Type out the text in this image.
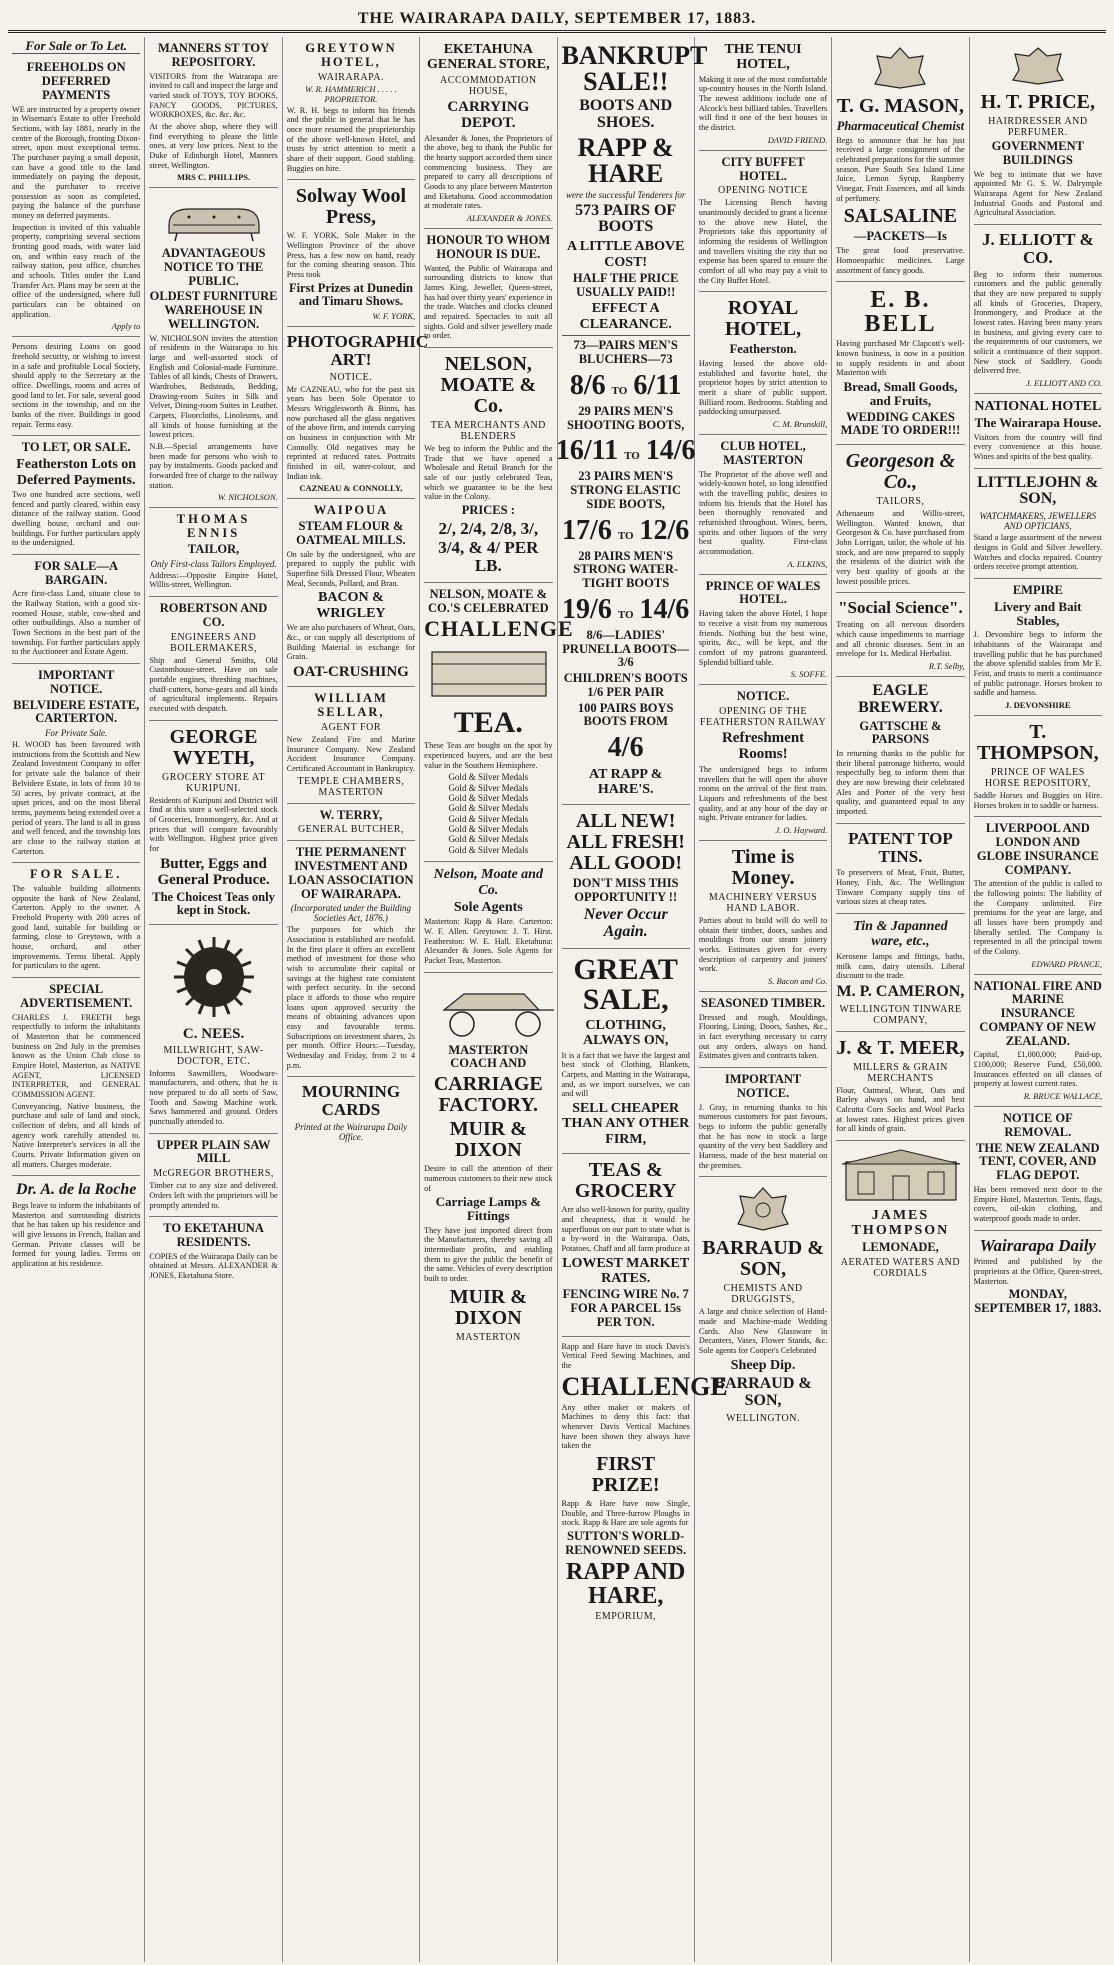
THE WAIRARAPA DAILY, SEPTEMBER 17, 1883.
For Sale or To Let.
FREEHOLDS ON DEFERRED PAYMENTS

WE are instructed by a property owner in Wiseman's Estate to offer Freehold Sections, with lay 1881, nearly in the centre of the Borough, fronting Dixon-street, upon most exceptional terms. The purchaser paying a small deposit, can have a good title to the land immediately on paying the deposit, and the purchaser to receive possession as soon as completed, paying the balance of the purchase money on deferred payments.

Inspection is invited of this valuable property, comprising several sections fronting good roads, with water laid on, and within easy reach of the railway station, post office, churches and schools. Titles under the Land Transfer Act. Plans may be seen at the office of the undersigned, where full particulars can be obtained on application.

Apply to

Persons desiring Loans on good freehold security, or wishing to invest in a safe and profitable Local Society, should apply to the Secretary at the office. Dwellings, rooms and acres of good land to let. For sale, several good sections in the township, and on the banks of the river. Buildings in good repair. Terms easy.

TO LET, OR SALE.
Featherston Lots on Deferred Payments.

Two one hundred acre sections, well fenced and partly cleared, within easy distance of the railway station. Good dwelling house, orchard and out-buildings. For further particulars apply to the undersigned.

FOR SALE—A BARGAIN.

Acre first-class Land, situate close to the Railway Station, with a good six-roomed House, stable, cow-shed and other outbuildings. Also a number of Town Sections in the best part of the township. For further particulars apply to the Auctioneer and Estate Agent.

IMPORTANT NOTICE.
BELVIDERE ESTATE, CARTERTON.
For Private Sale.

H. WOOD has been favoured with instructions from the Scottish and New Zealand Investment Company to offer for private sale the balance of their Belvidere Estate, in lots of from 10 to 50 acres, by private contract, at the upset prices, and on the most liberal terms, payments being extended over a period of years. The land is all in grass and well fenced, and the township lots are close to the railway station at Carterton.

FOR SALE.

The valuable building allotments opposite the bank of New Zealand, Carterton. Apply to the owner. A Freehold Property with 200 acres of good land, suitable for building or farming, close to Greytown, with a house, orchard, and other improvements. Terms liberal. Apply for particulars to the agent.

SPECIAL ADVERTISEMENT.

CHARLES J. FREETH begs respectfully to inform the inhabitants of Masterton that he commenced business on 2nd July in the premises known as the Union Club close to Empire Hotel, Masterton, as NATIVE AGENT, LICENSED INTERPRETER, and GENERAL COMMISSION AGENT.

Conveyancing, Native business, the purchase and sale of land and stock, collection of debts, and all kinds of agency work carefully attended to. Native Interpreter's services in all the Courts. Private Information given on all matters. Charges moderate.

Dr. A. de la Roche

Begs leave to inform the inhabitants of Masterton and surrounding districts that he has taken up his residence and will give lessons in French, Italian and German. Private classes will be formed for young ladies. Terms on application at his residence.

MANNERS ST TOY REPOSITORY.

VISITORS from the Wairarapa are invited to call and inspect the large and varied stock of TOYS, TOY BOOKS, FANCY GOODS, PICTURES, WORKBOXES, &c. &c. &c.

At the above shop, where they will find everything to please the little ones, at very low prices. Next to the Duke of Edinburgh Hotel, Manners street, Wellington.

MRS C. PHILLIPS.

ADVANTAGEOUS NOTICE TO THE PUBLIC.
OLDEST FURNITURE WAREHOUSE IN WELLINGTON.

W. NICHOLSON invites the attention of residents in the Wairarapa to his large and well-assorted stock of English and Colonial-made Furniture. Tables of all kinds, Chests of Drawers, Wardrobes, Bedsteads, Bedding, Drawing-room Suites in Silk and Velvet, Dining-room Suites in Leather. Carpets, Floorcloths, Linoleums, and all kinds of house furnishing at the lowest prices.

N.B.—Special arrangements have been made for persons who wish to pay by instalments. Goods packed and forwarded free of charge to the railway station.

W. NICHOLSON.

THOMAS ENNIS
TAILOR,
Only First-class Tailors Employed.

Address:—Opposite Empire Hotel, Willis-street, Wellington.

ROBERTSON AND CO.
ENGINEERS AND BOILERMAKERS,

Ship and General Smiths, Old Customhouse-street. Have on sale portable engines, threshing machines, chaff-cutters, horse-gears and all kinds of agricultural implements. Repairs executed with despatch.

GEORGE WYETH,
GROCERY STORE AT KURIPUNI.

Residents of Kuripuni and District will find at this store a well-selected stock of Groceries, Ironmongery, &c. And at prices that will compare favourably with Wellington. Highest price given for

Butter, Eggs and General Produce.
The Choicest Teas only kept in Stock.
C. NEES.
MILLWRIGHT, SAW-DOCTOR, ETC.

Informs Sawmillers, Woodware-manufacturers, and others, that he is now prepared to do all sorts of Saw, Tooth and Sawing Machine work. Saws hammered and ground. Orders punctually attended to.

UPPER PLAIN SAW MILL
McGREGOR BROTHERS,

Timber cut to any size and delivered. Orders left with the proprietors will be promptly attended to.

TO EKETAHUNA RESIDENTS.

COPIES of the Wairarapa Daily can be obtained at Messrs. ALEXANDER & JONES, Eketahuna Store.

GREYTOWN HOTEL,
WAIRARAPA.

W. R. HAMMERICH . . . . . PROPRIETOR.

W. R. H. begs to inform his friends and the public in general that he has once more resumed the proprietorship of the above well-known Hotel, and trusts by strict attention to merit a share of their support. Good stabling. Buggies on hire.

Solway Wool Press,

W. F. YORK, Sole Maker in the Wellington Province of the above Press, has a few now on hand, ready for the coming shearing season. This Press took

First Prizes at Dunedin and Timaru Shows.

W. F. YORK,

PHOTOGRAPHIC ART!
NOTICE.

Mr CAZNEAU, who for the past six years has been Sole Operator to Messrs Wrigglesworth & Binns, has now purchased all the glass negatives of the above firm, and intends carrying on business in conjunction with Mr Connolly. Old negatives may be reprinted at reduced rates. Portraits finished in oil, water-colour, and Indian ink.

CAZNEAU & CONNOLLY,

WAIPOUA
STEAM FLOUR & OATMEAL MILLS.

On sale by the undersigned, who are prepared to supply the public with Superfine Silk Dressed Flour, Wheaten Meal, Seconds, Pollard, and Bran.

BACON & WRIGLEY

We are also purchasers of Wheat, Oats, &c., or can supply all descriptions of Building Material in exchange for Grain.

OAT-CRUSHING
WILLIAM SELLAR,
AGENT FOR

New Zealand Fire and Marine Insurance Company. New Zealand Accident Insurance Company. Certificated Accountant in Bankruptcy.

TEMPLE CHAMBERS, MASTERTON
W. TERRY,
GENERAL BUTCHER,
THE PERMANENT INVESTMENT AND LOAN ASSOCIATION OF WAIRARAPA.
(Incorporated under the Building Societies Act, 1876.)

The purposes for which the Association is established are twofold. In the first place it offers an excellent method of investment for those who wish to accumulate their capital or savings at the highest rate consistent with perfect security. In the second place it affords to those who require loans upon approved security the means of obtaining advances upon easy and favourable terms. Subscriptions on investment shares, 2s per month. Office Hours:—Tuesday, Wednesday and Friday, from 2 to 4 p.m.

MOURNING CARDS
Printed at the Wairarapa Daily Office.
EKETAHUNA GENERAL STORE,
ACCOMMODATION HOUSE,
CARRYING DEPOT.

Alexander & Jones, the Proprietors of the above, beg to thank the Public for the hearty support accorded them since commencing business. They are prepared to carry all descriptions of Goods to any place between Masterton and Eketahuna. Good accommodation at moderate rates.

ALEXANDER & JONES.

HONOUR TO WHOM HONOUR IS DUE.

Wanted, the Public of Wairarapa and surrounding districts to know that James King, Jeweller, Queen-street, has had over thirty years' experience in the trade. Watches and clocks cleaned and repaired. Spectacles to suit all sights. Gold and silver jewellery made to order.

NELSON, MOATE & Co.
TEA MERCHANTS AND BLENDERS

We beg to inform the Public and the Trade that we have opened a Wholesale and Retail Branch for the sale of our justly celebrated Teas, which we guarantee to be the best value in the Colony.

PRICES :
2/, 2/4, 2/8, 3/, 3/4, & 4/ PER LB.
NELSON, MOATE & CO.'S CELEBRATED
CHALLENGE
TEA.

These Teas are bought on the spot by experienced buyers, and are the best value in the Southern Hemisphere.

Gold & Silver Medals
Gold & Silver Medals
Gold & Silver Medals
Gold & Silver Medals
Gold & Silver Medals
Gold & Silver Medals
Gold & Silver Medals
Gold & Silver Medals
Nelson, Moate and Co.
Sole Agents

Masterton: Rapp & Hare. Carterton: W. F. Allen. Greytown: J. T. Hirst. Featherston: W. E. Hall. Eketahuna: Alexander & Jones. Sole Agents for Packet Teas, Masterton.

MASTERTON COACH AND
CARRIAGE FACTORY.
MUIR & DIXON

Desire to call the attention of their numerous customers to their new stock of

Carriage Lamps & Fittings

They have just imported direct from the Manufacturers, thereby saving all intermediate profits, and enabling them to give the public the benefit of the same. Vehicles of every description built to order.

MUIR & DIXON
MASTERTON
BANKRUPT SALE!!
BOOTS AND SHOES.
RAPP & HARE
were the successful Tenderers for
573 PAIRS OF BOOTS
A LITTLE ABOVE COST!
HALF THE PRICE USUALLY PAID!!
EFFECT A CLEARANCE.
73—PAIRS MEN'S BLUCHERS—73
8/6 TO 6/11
29 PAIRS MEN'S SHOOTING BOOTS,
16/11 TO 14/6
23 PAIRS MEN'S STRONG ELASTIC SIDE BOOTS,
17/6 TO 12/6
28 PAIRS MEN'S STRONG WATER-TIGHT BOOTS
19/6 TO 14/6
8/6—LADIES' PRUNELLA BOOTS—3/6
CHILDREN'S BOOTS 1/6 PER PAIR
100 PAIRS BOYS BOOTS FROM
4/6
AT RAPP & HARE'S.
ALL NEW! ALL FRESH! ALL GOOD!
DON'T MISS THIS OPPORTUNITY !!
Never Occur Again.
GREAT SALE,
CLOTHING, ALWAYS ON,

It is a fact that we have the largest and best stock of Clothing, Blankets, Carpets, and Matting in the Wairarapa, and, as we import ourselves, we can and will

SELL CHEAPER THAN ANY OTHER FIRM,
TEAS & GROCERY

Are also well-known for purity, quality and cheapness, that it would be superfluous on our part to state what is a by-word in the Wairarapa. Oats, Potatoes, Chaff and all farm produce at

LOWEST MARKET RATES.
FENCING WIRE No. 7 FOR A PARCEL 15s PER TON.

Rapp and Hare have in stock Davis's Vertical Feed Sewing Machines, and the

CHALLENGE

Any other maker or makers of Machines to deny this fact: that whenever Davis Vertical Machines have been shown they always have taken the

FIRST PRIZE!

Rapp & Hare have now Single, Double, and Three-furrow Ploughs in stock. Rapp & Hare are sole agents for

SUTTON'S WORLD-RENOWNED SEEDS.
RAPP AND HARE,
EMPORIUM,
THE TENUI HOTEL,

Making it one of the most comfortable up-country houses in the North Island. The newest additions include one of Alcock's best billiard tables. Travellers will find it one of the best houses in the district.

DAVID FRIEND.

CITY BUFFET HOTEL.
OPENING NOTICE

The Licensing Bench having unanimously decided to grant a license to the above new Hotel, the Proprietors take this opportunity of informing the residents of Wellington and travellers visiting the city that no expense has been spared to ensure the comfort of all who may pay a visit to the City Buffet Hotel.

ROYAL HOTEL,
Featherston.

Having leased the above old-established and favorite hotel, the proprietor hopes by strict attention to merit a share of public support. Billiard room. Bedrooms. Stabling and paddocking unsurpassed.

C. M. Brunskill,

CLUB HOTEL, MASTERTON

The Proprietor of the above well and widely-known hotel, so long identified with the travelling public, desires to inform his friends that the Hotel has been thoroughly renovated and refurnished throughout. Wines, beers, spirits and other liquors of the very best quality. First-class accommodation.

A. ELKINS,

PRINCE OF WALES HOTEL.

Having taken the above Hotel, I hope to receive a visit from my numerous friends. Nothing but the best wine, spirits, &c., will be kept, and the comfort of my patrons guaranteed. Splendid billiard table.

S. SOFFE.

NOTICE.
OPENING OF THE FEATHERSTON RAILWAY
Refreshment Rooms!

The undersigned begs to inform travellers that he will open the above rooms on the arrival of the first train. Liquors and refreshments of the best quality, and at any hour of the day or night. Private entrance for ladies.

J. O. Hayward.

Time is Money.
MACHINERY VERSUS HAND LABOR.

Parties about to build will do well to obtain their timber, doors, sashes and mouldings from our steam joinery works. Estimates given for every description of carpentry and joiners' work.

S. Bacon and Co.

SEASONED TIMBER.

Dressed and rough, Mouldings, Flooring, Lining, Doors, Sashes, &c., in fact everything necessary to carry out any orders, always on hand. Estimates given and contracts taken.

IMPORTANT NOTICE.

J. Gray, in returning thanks to his numerous customers for past favours, begs to inform the public generally that he has now in stock a large quantity of the very best Saddlery and Harness, made of the best material on the premises.

BARRAUD & SON,
CHEMISTS AND DRUGGISTS,

A large and choice selection of Hand-made and Machine-made Wedding Cards. Also New Glassware in Decanters, Vases, Flower Stands, &c. Sole agents for Cooper's Celebrated

Sheep Dip.
BARRAUD & SON,
WELLINGTON.
T. G. MASON,
Pharmaceutical Chemist

Begs to announce that he has just received a large consignment of the celebrated preparations for the summer season. Pure South Sea Island Lime Juice, Lemon Syrup, Raspberry Vinegar, Fruit Essences, and all kinds of perfumery.

SALSALINE
—PACKETS—Is

The great food preservative. Homoeopathic medicines. Large assortment of fancy goods.

E. B. BELL

Having purchased Mr Clapcott's well-known business, is now in a position to supply residents in and about Masterton with

Bread, Small Goods, and Fruits,
WEDDING CAKES MADE TO ORDER!!!
Georgeson & Co.,
TAILORS,

Athenaeum and Willis-street, Wellington. Wanted known, that Georgeson & Co. have purchased from John Lorrigan, tailor, the whole of his stock, and are now prepared to supply the residents of the district with the very best quality of goods at the lowest possible prices.

"Social Science".

Treating on all nervous disorders which cause impediments to marriage and all chronic diseases. Sent in an envelope for 1s. Medical Herbalist.

R.T. Selby,

EAGLE BREWERY.
GATTSCHE & PARSONS

In returning thanks to the public for their liberal patronage hitherto, would respectfully beg to inform them that they are now brewing their celebrated Ales and Porter of the very best quality, and guaranteed equal to any imported.

PATENT TOP TINS.

To preservers of Meat, Fruit, Butter, Honey, Fish, &c. The Wellington Tinware Company supply tins of various sizes at cheap rates.

Tin & Japanned ware, etc.,

Kerosene lamps and fittings, baths, milk cans, dairy utensils. Liberal discount to the trade.

M. P. CAMERON,
WELLINGTON TINWARE COMPANY,
J. & T. MEER,
MILLERS & GRAIN MERCHANTS

Flour, Oatmeal, Wheat, Oats and Barley always on hand, and best Calcutta Corn Sacks and Wool Packs at lowest rates. Highest prices given for all kinds of grain.

JAMES THOMPSON
LEMONADE,
AERATED WATERS AND CORDIALS
H. T. PRICE,
HAIRDRESSER AND PERFUMER.
GOVERNMENT BUILDINGS

We beg to intimate that we have appointed Mr G. S. W. Dalrymple Wairarapa Agent for New Zealand Industrial Goods and Pastoral and Agricultural Association.

J. ELLIOTT & CO.

Beg to inform their numerous customers and the public generally that they are now prepared to supply all kinds of Groceries, Drapery, Ironmongery, and Produce at the lowest rates. Having been many years in business, and giving every care to the requirements of our customers, we solicit a continuance of their support. New stock of Saddlery. Goods delivered free.

J. ELLIOTT AND CO.

NATIONAL HOTEL
The Wairarapa House.

Visitors from the country will find every convenience at this house. Wines and spirits of the best quality.

LITTLEJOHN & SON,
WATCHMAKERS, JEWELLERS AND OPTICIANS,

Stand a large assortment of the newest designs in Gold and Silver Jewellery. Watches and clocks repaired. Country orders receive prompt attention.

EMPIRE
Livery and Bait Stables,

J. Devonshire begs to inform the inhabitants of the Wairarapa and travelling public that he has purchased the above splendid stables from Mr E. Feist, and trusts to merit a continuance of public patronage. Horses broken to saddle and harness.

J. DEVONSHIRE

T. THOMPSON,
PRINCE OF WALES HORSE REPOSITORY,

Saddle Horses and Buggies on Hire. Horses broken in to saddle or harness.

LIVERPOOL AND LONDON AND GLOBE INSURANCE COMPANY.

The attention of the public is called to the following points: The liability of the Company unlimited. Fire premiums for the year are large, and all losses have been promptly and liberally settled. The Company is represented in all the principal towns of the Colony.

EDWARD PRANCE,

NATIONAL FIRE AND MARINE INSURANCE COMPANY OF NEW ZEALAND.

Capital, £1,000,000; Paid-up, £100,000; Reserve Fund, £50,000. Insurances effected on all classes of property at lowest current rates.

R. BRUCE WALLACE,

NOTICE OF REMOVAL.
THE NEW ZEALAND TENT, COVER, AND FLAG DEPOT.

Has been removed next door to the Empire Hotel, Masterton. Tents, flags, covers, oil-skin clothing, and waterproof goods made to order.

Wairarapa Daily

Printed and published by the proprietors at the Office, Queen-street, Masterton.

MONDAY, SEPTEMBER 17, 1883.
